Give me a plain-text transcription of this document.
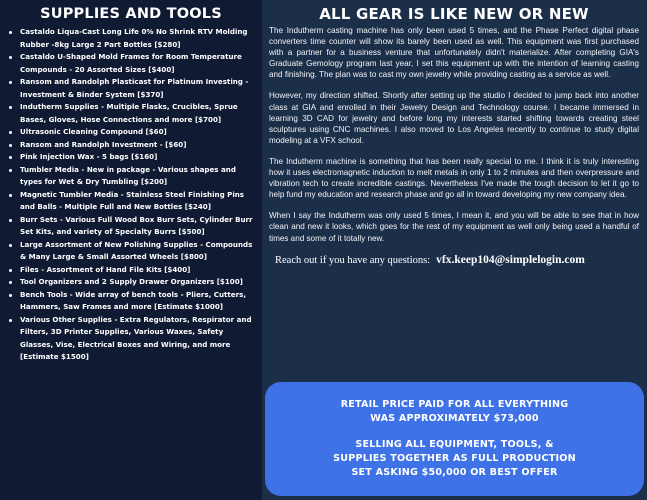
SUPPLIES AND TOOLS
Castaldo Liqua-Cast Long Life 0% No Shrink RTV Molding Rubber -8kg Large 2 Part Bottles [$280]
Castaldo U-Shaped Mold Frames for Room Temperature Compounds - 20 Assorted Sizes [$400]
Ransom and Randolph Plasticast for Platinum Investing - Investment & Binder System [$370]
Indutherm Supplies - Multiple Flasks, Crucibles, Sprue Bases, Gloves, Hose Connections and more [$700]
Ultrasonic Cleaning Compound [$60]
Ransom and Randolph Investment - [$60]
Pink Injection Wax - 5 bags [$160]
Tumbler Media - New in package - Various shapes and types for Wet & Dry Tumbling [$200]
Magnetic Tumbler Media - Stainless Steel Finishing Pins and Balls - Multiple Full and New Bottles [$240]
Burr Sets - Various Full Wood Box Burr Sets, Cylinder Burr Set Kits, and variety of Specialty Burrs [$500]
Large Assortment of New Polishing Supplies - Compounds & Many Large & Small Assorted Wheels [$800]
Files - Assortment of Hand File Kits [$400]
Tool Organizers and 2 Supply Drawer Organizers [$100]
Bench Tools - Wide array of bench tools - Pliers, Cutters, Hammers, Saw Frames and more [Estimate $1000]
Various Other Supplies - Extra Regulators, Respirator and Filters, 3D Printer Supplies, Various Waxes, Safety Glasses, Vise, Electrical Boxes and Wiring, and more [Estimate $1500]
ALL GEAR IS LIKE NEW OR NEW

The Indutherm casting machine has only been used 5 times, and the Phase Perfect digital phase converters time counter will show its barely been used as well. This equipment was first purchased with a partner for a business venture that unfortunately didn't materialize. After completing GIA's Graduate Gemology program last year, I set this equipment up with the intention of learning casting and finishing. The plan was to cast my own jewelry while providing casting as a service as well.

However, my direction shifted. Shortly after setting up the studio I decided to jump back into another class at GIA and enrolled in their Jewelry Design and Technology course. I became immersed in learning 3D CAD for jewelry and before long my interests started shifting towards creating steel sculptures using CNC machines. I also moved to Los Angeles recently to continue to study digital modeling at a VFX school.

The Indutherm machine is something that has been really special to me. I think it is truly interesting how it uses electromagnetic induction to melt metals in only 1 to 2 minutes and then overpressure and vibration tech to create incredible castings. Nevertheless I've made the tough decision to let it go to help fund my education and research phase and go all in toward developing my new company idea.

When I say the Indutherm was only used 5 times, I mean it, and you will be able to see that in how clean and new it looks, which goes for the rest of my equipment as well only being used a handful of times and some of it totally new.

Reach out if you have any questions: vfx.keep104@simplelogin.com
RETAIL PRICE PAID FOR ALL EVERYTHING
WAS APPROXIMATELY $73,000
SELLING ALL EQUIPMENT, TOOLS, &
SUPPLIES TOGETHER AS FULL PRODUCTION
SET ASKING $50,000 OR BEST OFFER
